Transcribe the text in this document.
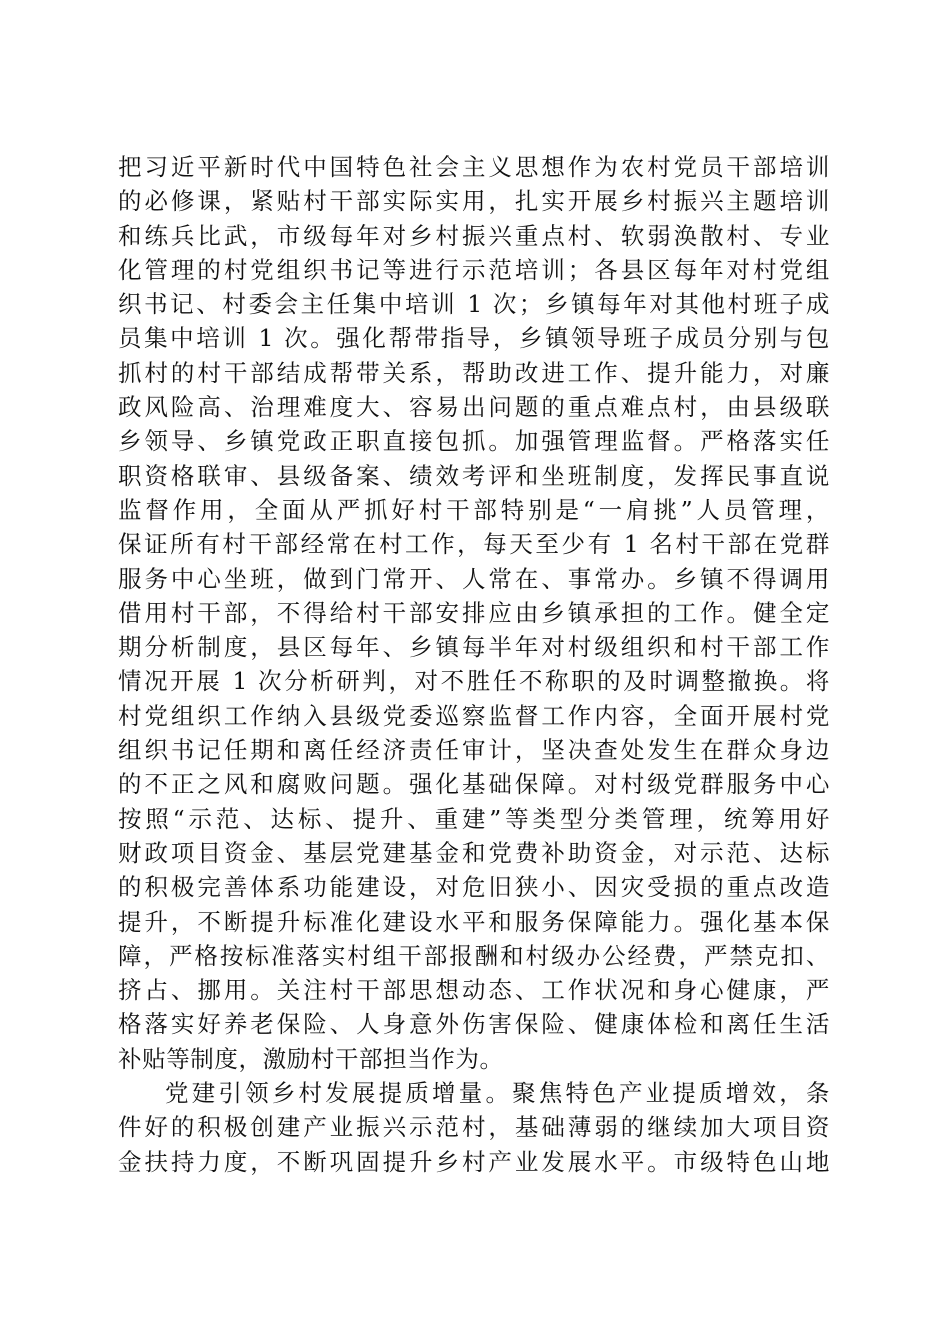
把习近平新时代中国特色社会主义思想作为农村党员干部培训
的必修课，紧贴村干部实际实用，扎实开展乡村振兴主题培训
和练兵比武，市级每年对乡村振兴重点村、软弱涣散村、专业
化管理的村党组织书记等进行示范培训；各县区每年对村党组
织书记、村委会主任集中培训 1 次；乡镇每年对其他村班子成
员集中培训 1 次。强化帮带指导，乡镇领导班子成员分别与包
抓村的村干部结成帮带关系，帮助改进工作、提升能力，对廉
政风险高、治理难度大、容易出问题的重点难点村，由县级联
乡领导、乡镇党政正职直接包抓。加强管理监督。严格落实任
职资格联审、县级备案、绩效考评和坐班制度，发挥民事直说
监督作用，全面从严抓好村干部特别是“一肩挑”人员管理，
保证所有村干部经常在村工作，每天至少有 1 名村干部在党群
服务中心坐班，做到门常开、人常在、事常办。乡镇不得调用
借用村干部，不得给村干部安排应由乡镇承担的工作。健全定
期分析制度，县区每年、乡镇每半年对村级组织和村干部工作
情况开展 1 次分析研判，对不胜任不称职的及时调整撤换。将
村党组织工作纳入县级党委巡察监督工作内容，全面开展村党
组织书记任期和离任经济责任审计，坚决查处发生在群众身边
的不正之风和腐败问题。强化基础保障。对村级党群服务中心
按照“示范、达标、提升、重建”等类型分类管理，统筹用好
财政项目资金、基层党建基金和党费补助资金，对示范、达标
的积极完善体系功能建设，对危旧狭小、因灾受损的重点改造
提升，不断提升标准化建设水平和服务保障能力。强化基本保
障，严格按标准落实村组干部报酬和村级办公经费，严禁克扣、
挤占、挪用。关注村干部思想动态、工作状况和身心健康，严
格落实好养老保险、人身意外伤害保险、健康体检和离任生活
补贴等制度，激励村干部担当作为。
党建引领乡村发展提质增量。聚焦特色产业提质增效，条
件好的积极创建产业振兴示范村，基础薄弱的继续加大项目资
金扶持力度，不断巩固提升乡村产业发展水平。市级特色山地
